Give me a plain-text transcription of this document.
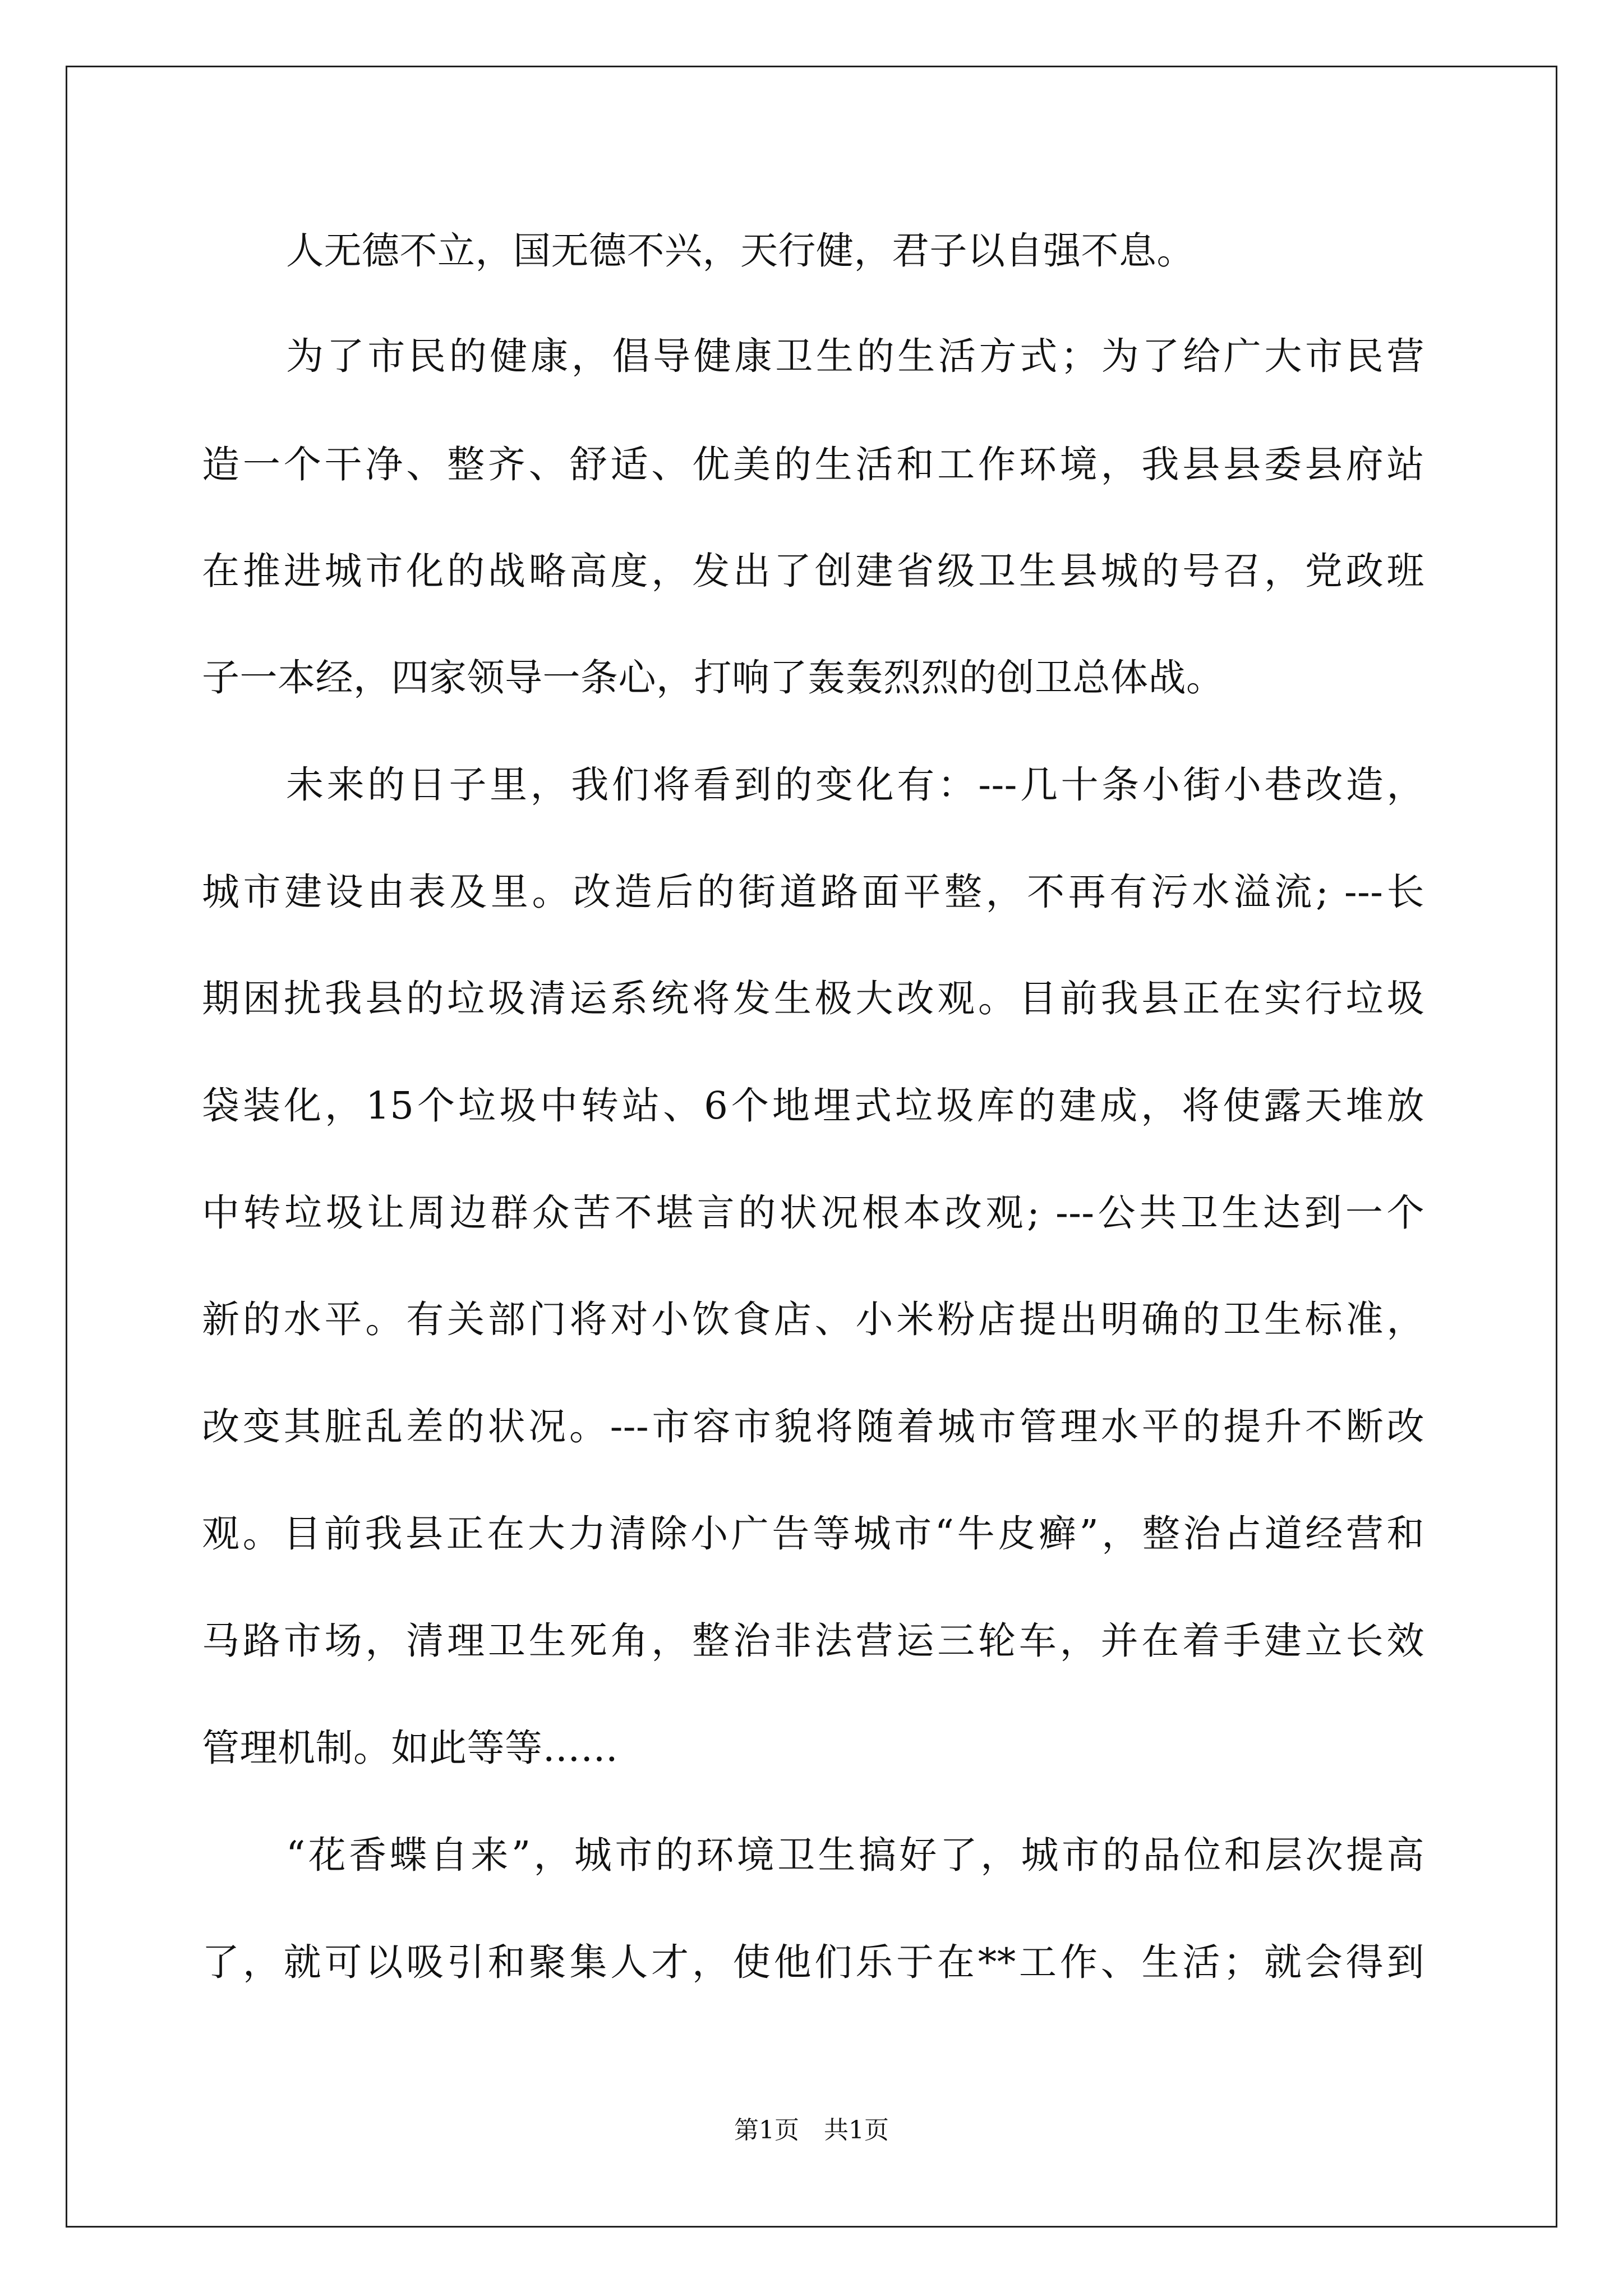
人无德不立，国无德不兴，天行健，君子以自强不息。
为了市民的健康，倡导健康卫生的生活方式；为了给广大市民营
造一个干净、整齐、舒适、优美的生活和工作环境，我县县委县府站
在推进城市化的战略高度，发出了创建省级卫生县城的号召，党政班
子一本经，四家领导一条心，打响了轰轰烈烈的创卫总体战。
未来的日子里，我们将看到的变化有：---几十条小街小巷改造，
城市建设由表及里。改造后的街道路面平整，不再有污水溢流; ---长
期困扰我县的垃圾清运系统将发生极大改观。目前我县正在实行垃圾
袋装化，15个垃圾中转站、6个地埋式垃圾库的建成，将使露天堆放
中转垃圾让周边群众苦不堪言的状况根本改观; ---公共卫生达到一个
新的水平。有关部门将对小饮食店、小米粉店提出明确的卫生标准，
改变其脏乱差的状况。---市容市貌将随着城市管理水平的提升不断改
观。目前我县正在大力清除小广告等城市“牛皮癣”，整治占道经营和
马路市场，清理卫生死角，整治非法营运三轮车，并在着手建立长效
管理机制。如此等等……
“花香蝶自来”，城市的环境卫生搞好了，城市的品位和层次提高
了，就可以吸引和聚集人才，使他们乐于在**工作、生活；就会得到
第1页　共1页
